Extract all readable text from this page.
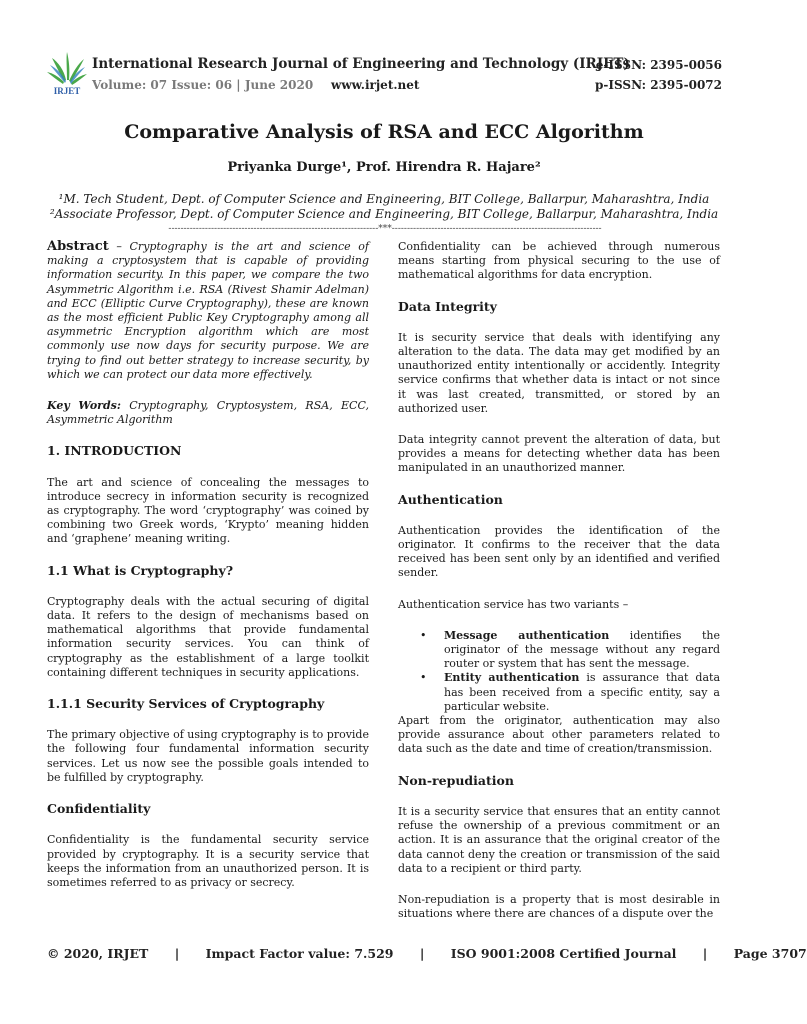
IRJET
International Research Journal of Engineering and Technology (IRJET)
Volume: 07 Issue: 06 | June 2020 www.irjet.net
e-ISSN: 2395-0056
p-ISSN: 2395-0072
Comparative Analysis of RSA and ECC Algorithm
Priyanka Durge¹, Prof. Hirendra R. Hajare²
¹M. Tech Student, Dept. of Computer Science and Engineering, BIT College, Ballarpur, Maharashtra, India
²Associate Professor, Dept. of Computer Science and Engineering, BIT College, Ballarpur, Maharashtra, India
---------------------------------------------------------------------***---------------------------------------------------------------------

Abstract – Cryptography is the art and science of making a cryptosystem that is capable of providing information security. In this paper, we compare the two Asymmetric Algorithm i.e. RSA (Rivest Shamir Adelman) and ECC (Elliptic Curve Cryptography), these are known as the most efficient Public Key Cryptography among all asymmetric Encryption algorithm which are most commonly use now days for security purpose. We are trying to find out better strategy to increase security, by which we can protect our data more effectively.

Key Words: Cryptography, Cryptosystem, RSA, ECC, Asymmetric Algorithm

1. INTRODUCTION

The art and science of concealing the messages to introduce secrecy in information security is recognized as cryptography. The word ‘cryptography’ was coined by combining two Greek words, ‘Krypto’ meaning hidden and ‘graphene’ meaning writing.

1.1 What is Cryptography?

Cryptography deals with the actual securing of digital data. It refers to the design of mechanisms based on mathematical algorithms that provide fundamental information security services. You can think of cryptography as the establishment of a large toolkit containing different techniques in security applications.

1.1.1 Security Services of Cryptography

The primary objective of using cryptography is to provide the following four fundamental information security services. Let us now see the possible goals intended to be fulfilled by cryptography.

Confidentiality

Confidentiality is the fundamental security service provided by cryptography. It is a security service that keeps the information from an unauthorized person. It is sometimes referred to as privacy or secrecy.

Confidentiality can be achieved through numerous means starting from physical securing to the use of mathematical algorithms for data encryption.

Data Integrity

It is security service that deals with identifying any alteration to the data. The data may get modified by an unauthorized entity intentionally or accidently. Integrity service confirms that whether data is intact or not since it was last created, transmitted, or stored by an authorized user.

Data integrity cannot prevent the alteration of data, but provides a means for detecting whether data has been manipulated in an unauthorized manner.

Authentication

Authentication provides the identification of the originator. It confirms to the receiver that the data received has been sent only by an identified and verified sender.

Authentication service has two variants –

• Message authentication identifies the originator of the message without any regard router or system that has sent the message.
• Entity authentication is assurance that data has been received from a specific entity, say a particular website.

Apart from the originator, authentication may also provide assurance about other parameters related to data such as the date and time of creation/transmission.

Non-repudiation

It is a security service that ensures that an entity cannot refuse the ownership of a previous commitment or an action. It is an assurance that the original creator of the data cannot deny the creation or transmission of the said data to a recipient or third party.

Non-repudiation is a property that is most desirable in situations where there are chances of a dispute over the

© 2020, IRJET | Impact Factor value: 7.529 | ISO 9001:2008 Certified Journal | Page 3707
